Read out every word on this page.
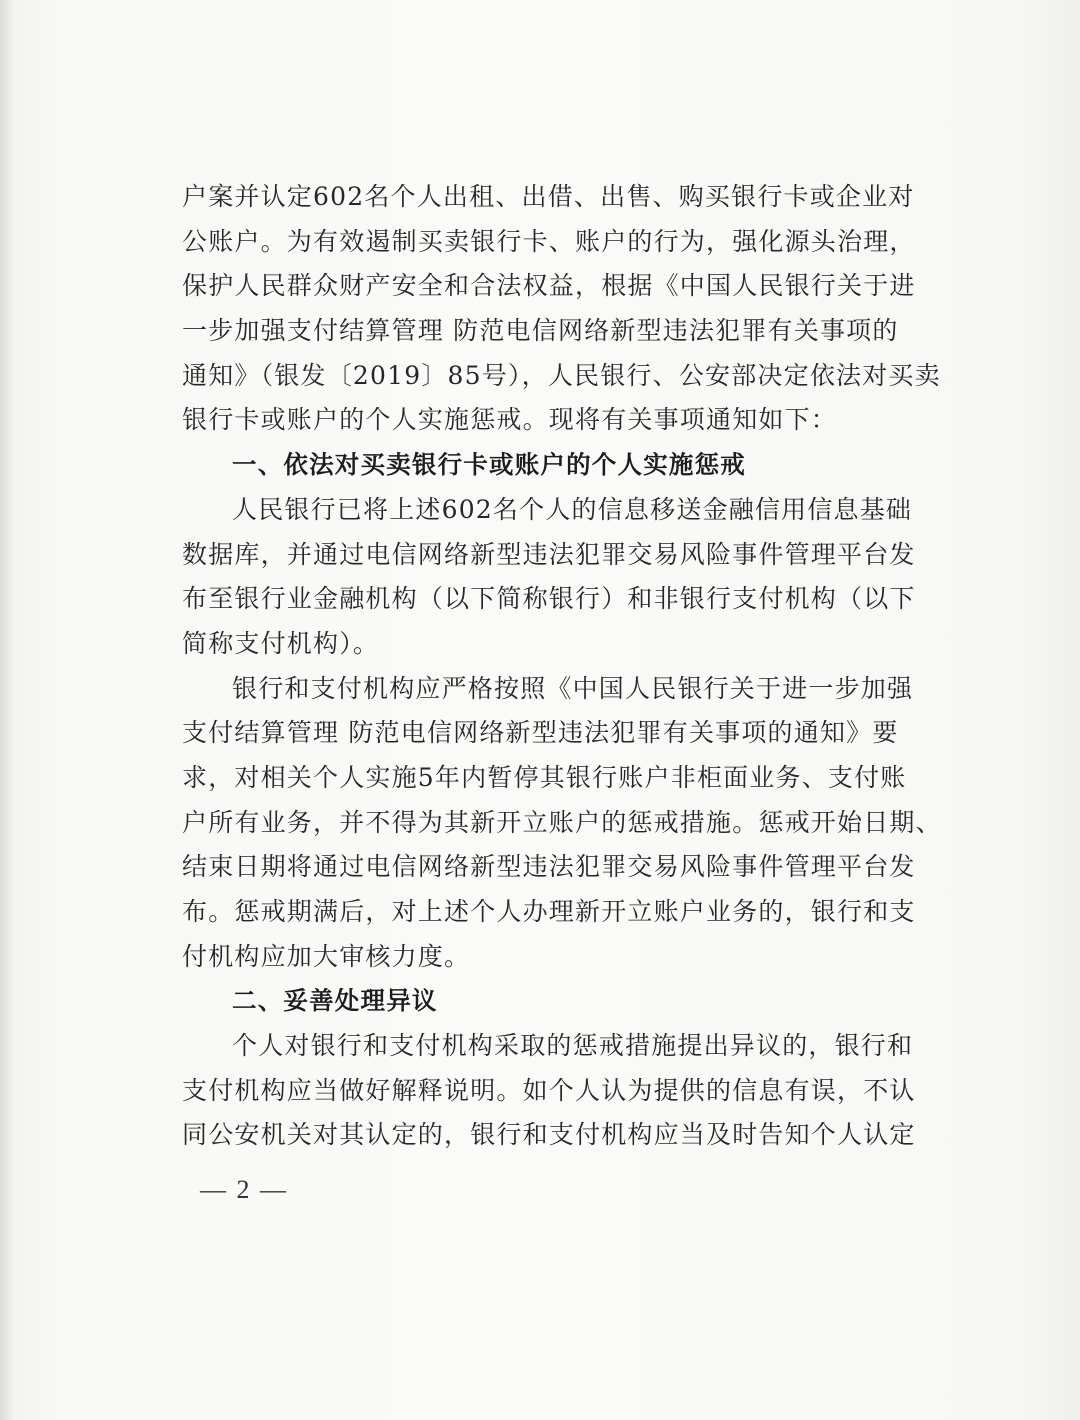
户案并认定602名个人出租、出借、出售、购买银行卡或企业对
公账户。为有效遏制买卖银行卡、账户的行为，强化源头治理，
保护人民群众财产安全和合法权益，根据《中国人民银行关于进
一步加强支付结算管理 防范电信网络新型违法犯罪有关事项的
通知》（银发〔2019〕85号），人民银行、公安部决定依法对买卖
银行卡或账户的个人实施惩戒。现将有关事项通知如下：
一、依法对买卖银行卡或账户的个人实施惩戒
人民银行已将上述602名个人的信息移送金融信用信息基础
数据库，并通过电信网络新型违法犯罪交易风险事件管理平台发
布至银行业金融机构（以下简称银行）和非银行支付机构（以下
简称支付机构）。
银行和支付机构应严格按照《中国人民银行关于进一步加强
支付结算管理 防范电信网络新型违法犯罪有关事项的通知》要
求，对相关个人实施5年内暂停其银行账户非柜面业务、支付账
户所有业务，并不得为其新开立账户的惩戒措施。惩戒开始日期、
结束日期将通过电信网络新型违法犯罪交易风险事件管理平台发
布。惩戒期满后，对上述个人办理新开立账户业务的，银行和支
付机构应加大审核力度。
二、妥善处理异议
个人对银行和支付机构采取的惩戒措施提出异议的，银行和
支付机构应当做好解释说明。如个人认为提供的信息有误，不认
同公安机关对其认定的，银行和支付机构应当及时告知个人认定
— 2 —
